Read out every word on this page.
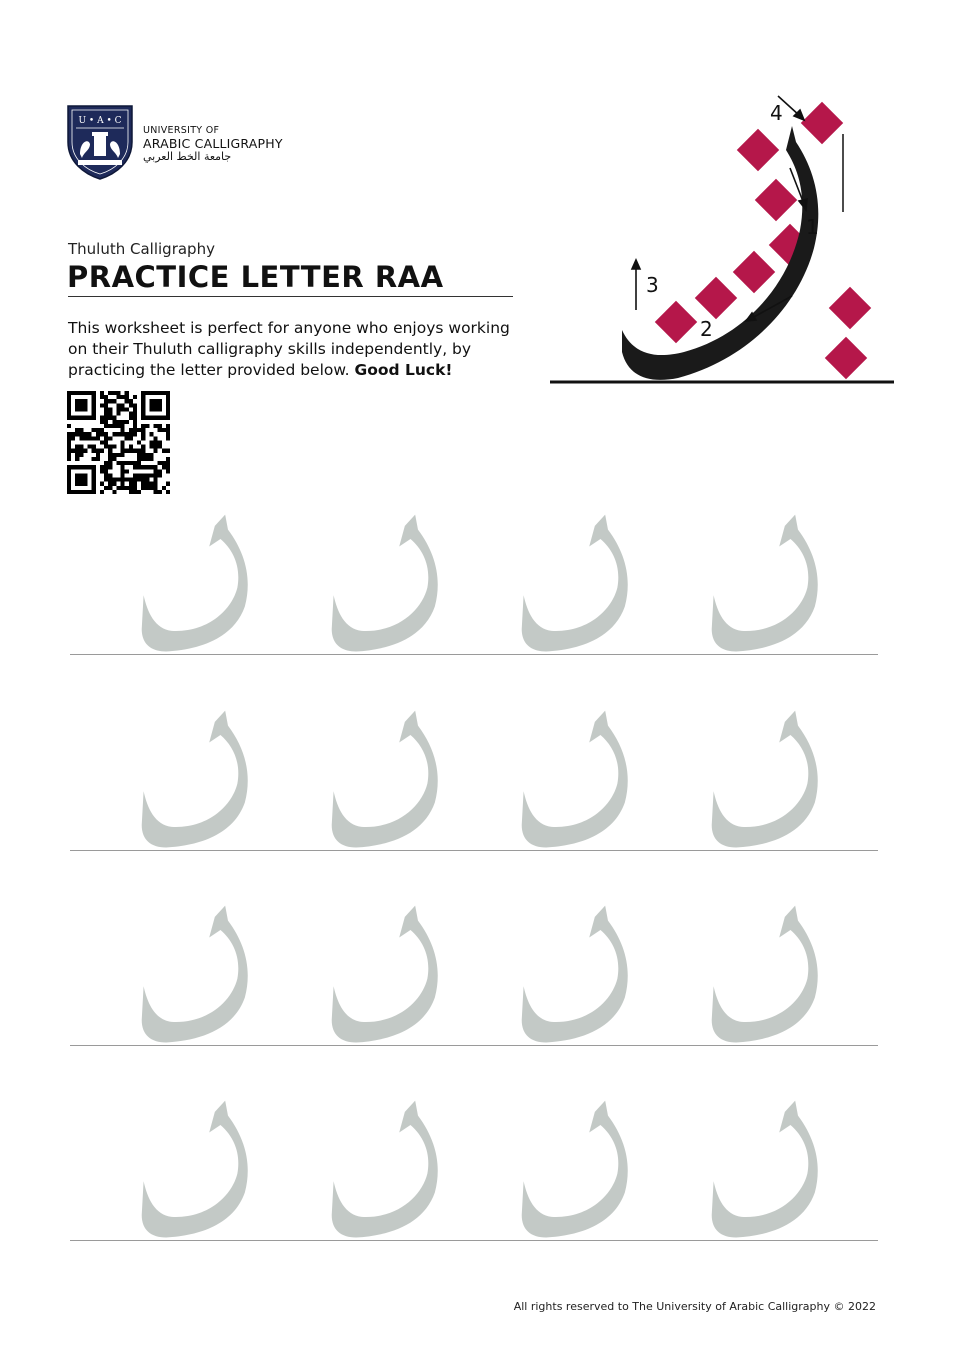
U • A • C
UNIVERSITY OF
ARABIC CALLIGRAPHY
جامعة الخط العربي
Thuluth Calligraphy
PRACTICE LETTER RAA
This worksheet is perfect for anyone who enjoys working on their Thuluth calligraphy skills independently, by practicing the letter provided below. Good Luck!
4
1
2
3
All rights reserved to The University of Arabic Calligraphy © 2022
